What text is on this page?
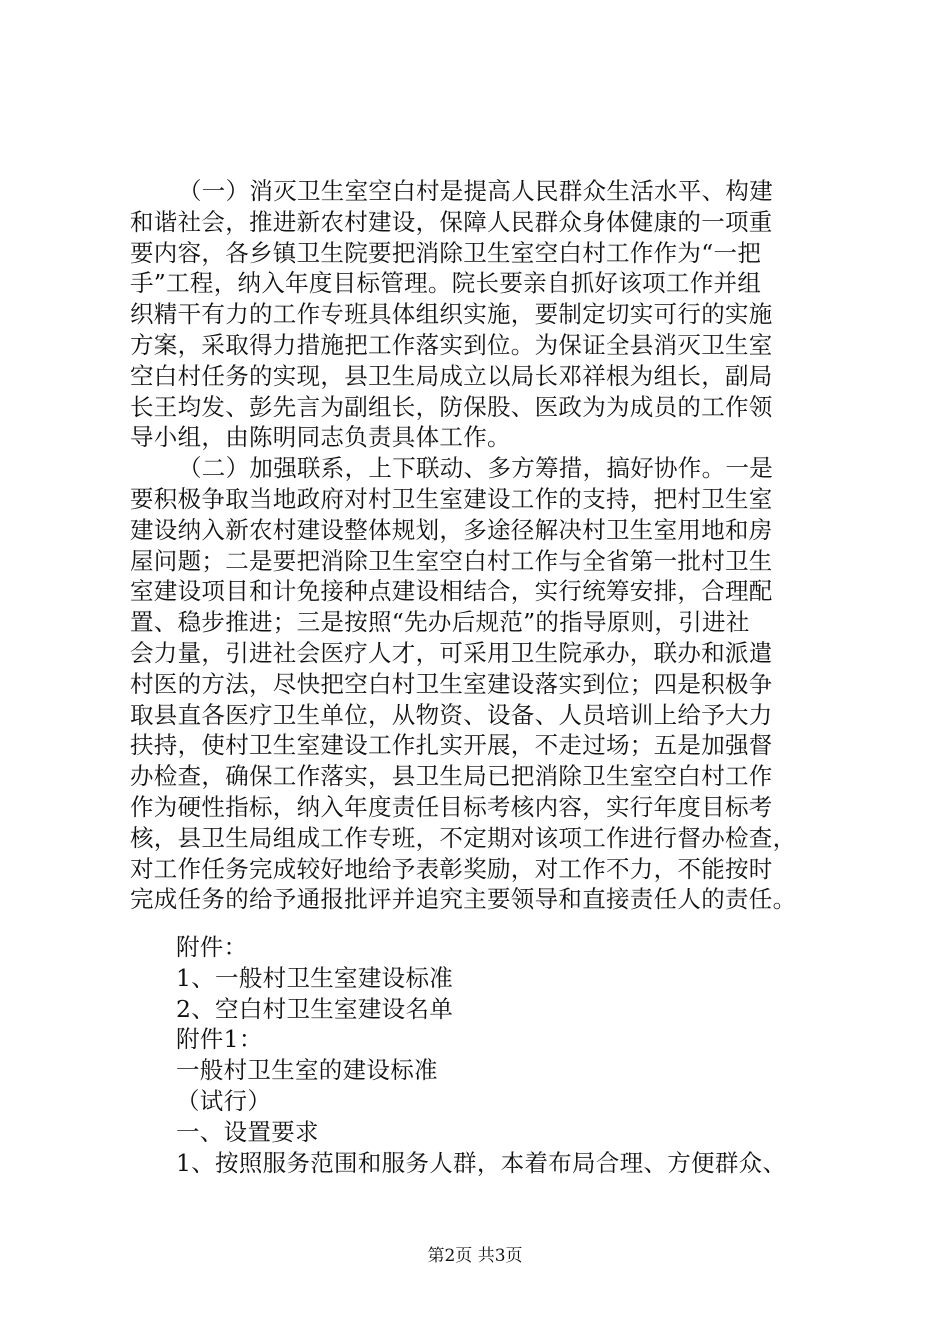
（一）消灭卫生室空白村是提高人民群众生活水平、构建
和谐社会，推进新农村建设，保障人民群众身体健康的一项重
要内容，各乡镇卫生院要把消除卫生室空白村工作作为“一把
手”工程，纳入年度目标管理。院长要亲自抓好该项工作并组
织精干有力的工作专班具体组织实施，要制定切实可行的实施
方案，采取得力措施把工作落实到位。为保证全县消灭卫生室
空白村任务的实现，县卫生局成立以局长邓祥根为组长，副局
长王均发、彭先言为副组长，防保股、医政为为成员的工作领
导小组，由陈明同志负责具体工作。
（二）加强联系，上下联动、多方筹措，搞好协作。一是
要积极争取当地政府对村卫生室建设工作的支持，把村卫生室
建设纳入新农村建设整体规划，多途径解决村卫生室用地和房
屋问题；二是要把消除卫生室空白村工作与全省第一批村卫生
室建设项目和计免接种点建设相结合，实行统筹安排，合理配
置、稳步推进；三是按照“先办后规范”的指导原则，引进社
会力量，引进社会医疗人才，可采用卫生院承办，联办和派遣
村医的方法，尽快把空白村卫生室建设落实到位；四是积极争
取县直各医疗卫生单位，从物资、设备、人员培训上给予大力
扶持，使村卫生室建设工作扎实开展，不走过场；五是加强督
办检查，确保工作落实，县卫生局已把消除卫生室空白村工作
作为硬性指标，纳入年度责任目标考核内容，实行年度目标考
核，县卫生局组成工作专班，不定期对该项工作进行督办检查，
对工作任务完成较好地给予表彰奖励，对工作不力，不能按时
完成任务的给予通报批评并追究主要领导和直接责任人的责任。
附件：
1、一般村卫生室建设标准
2、空白村卫生室建设名单
附件1：
一般村卫生室的建设标准
（试行）
一、设置要求
1、按照服务范围和服务人群，本着布局合理、方便群众、
第2页 共3页
